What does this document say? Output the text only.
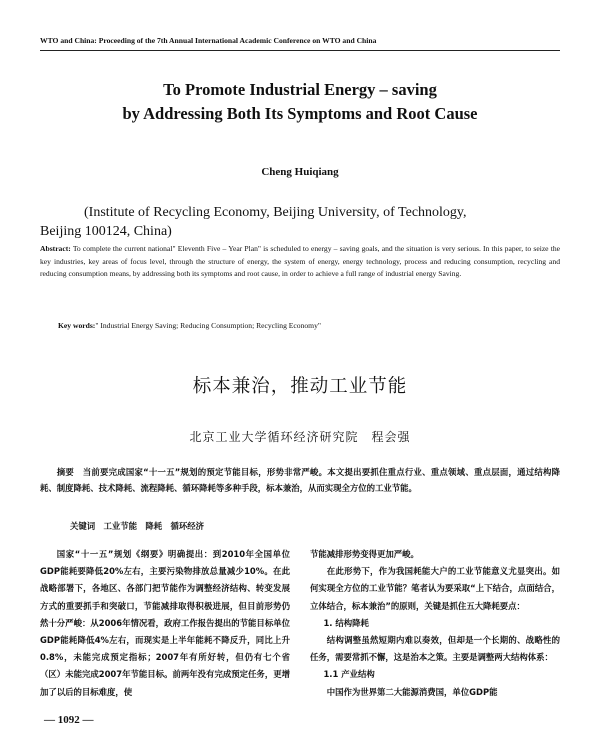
WTO and China: Proceeding of the 7th Annual International Academic Conference on WTO and China
To Promote Industrial Energy – saving
by Addressing Both Its Symptoms and Root Cause
Cheng Huiqiang
(Institute of Recycling Economy, Beijing University, of Technology,
Beijing 100124, China)
Abstract: To complete the current national" Eleventh Five – Year Plan" is scheduled to energy – saving goals, and the situation is very serious. In this paper, to seize the key industries, key areas of focus level, through the structure of energy, the system of energy, energy technology, process and reducing consumption, recycling and reducing consumption means, by addressing both its symptoms and root cause, in order to achieve a full range of industrial energy Saving.
Key words:" Industrial Energy Saving; Reducing Consumption; Recycling Economy"
标本兼治，推动工业节能
北京工业大学循环经济研究院　程会强
摘要　当前要完成国家“十一五”规划的预定节能目标，形势非常严峻。本文提出要抓住重点行业、重点领域、重点层面，通过结构降耗、制度降耗、技术降耗、流程降耗、循环降耗等多种手段，标本兼治，从而实现全方位的工业节能。
关键词　工业节能　降耗　循环经济

国家“十一五”规划《纲要》明确提出：到2010年全国单位GDP能耗要降低20%左右，主要污染物排放总量减少10%。在此战略部署下，各地区、各部门把节能作为调整经济结构、转变发展方式的重要抓手和突破口，节能减排取得积极进展，但目前形势仍然十分严峻：从2006年情况看，政府工作报告提出的节能目标单位GDP能耗降低4%左右，而现实是上半年能耗不降反升，同比上升0.8%，未能完成预定指标；2007年有所好转，但仍有七个省（区）未能完成2007年节能目标。前两年没有完成预定任务，更增加了以后的目标难度，使

节能减排形势变得更加严峻。

在此形势下，作为我国耗能大户的工业节能意义尤显突出。如何实现全方位的工业节能？笔者认为要采取“上下结合，点面结合，立体结合，标本兼治”的原则，关键是抓住五大降耗要点：

1. 结构降耗

结构调整虽然短期内难以奏效，但却是一个长期的、战略性的任务，需要常抓不懈，这是治本之策。主要是调整两大结构体系：

1.1 产业结构

中国作为世界第二大能源消费国，单位GDP能

— 1092 —
